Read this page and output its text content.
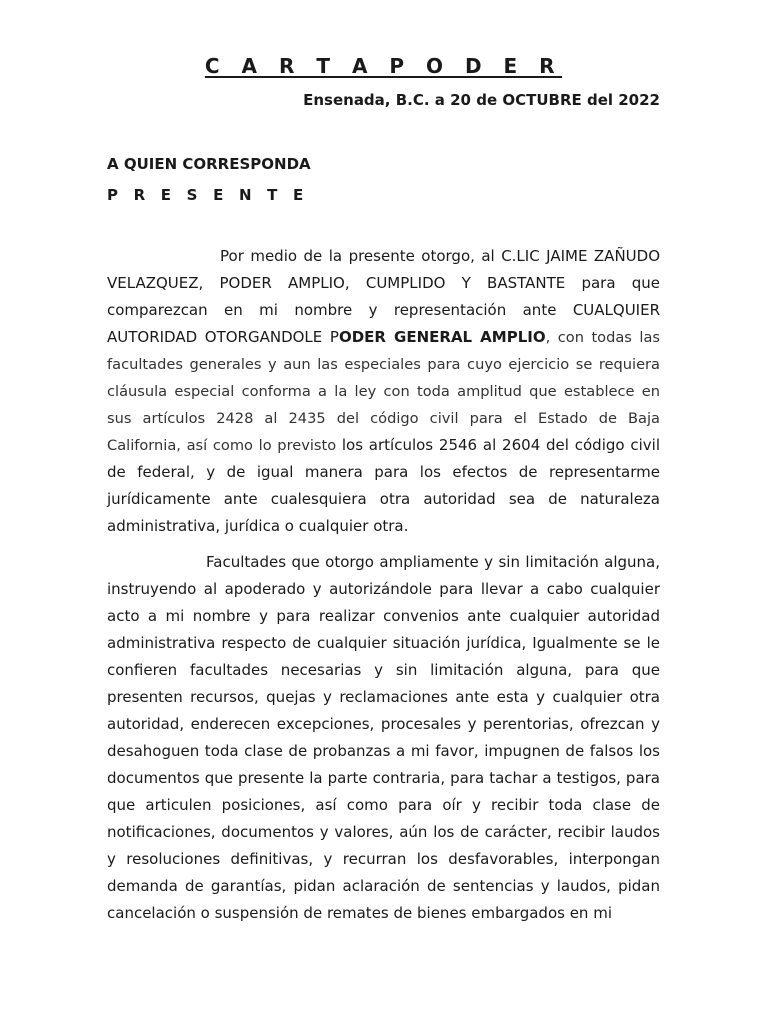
C A R T A P O D E R

Ensenada, B.C. a 20 de OCTUBRE del 2022

A QUIEN CORRESPONDA

P R E S E N T E

Por medio de la presente otorgo, al C.LIC JAIME ZAÑUDO VELAZQUEZ, PODER AMPLIO, CUMPLIDO Y BASTANTE para que comparezcan en mi nombre y representación ante CUALQUIER AUTORIDAD OTORGANDOLE PODER GENERAL AMPLIO, con todas las facultades generales y aun las especiales para cuyo ejercicio se requiera cláusula especial conforma a la ley con toda amplitud que establece en sus artículos 2428 al 2435 del código civil para el Estado de Baja California, así como lo previsto los artículos 2546 al 2604 del código civil de federal, y de igual manera para los efectos de representarme jurídicamente ante cualesquiera otra autoridad sea de naturaleza administrativa, jurídica o cualquier otra.

Facultades que otorgo ampliamente y sin limitación alguna, instruyendo al apoderado y autorizándole para llevar a cabo cualquier acto a mi nombre y para realizar convenios ante cualquier autoridad administrativa respecto de cualquier situación jurídica, Igualmente se le confieren facultades necesarias y sin limitación alguna, para que presenten recursos, quejas y reclamaciones ante esta y cualquier otra autoridad, enderecen excepciones, procesales y perentorias, ofrezcan y desahoguen toda clase de probanzas a mi favor, impugnen de falsos los documentos que presente la parte contraria, para tachar a testigos, para que articulen posiciones, así como para oír y recibir toda clase de notificaciones, documentos y valores, aún los de carácter, recibir laudos y resoluciones definitivas, y recurran los desfavorables, interpongan demanda de garantías, pidan aclaración de sentencias y laudos, pidan cancelación o suspensión de remates de bienes embargados en mi
